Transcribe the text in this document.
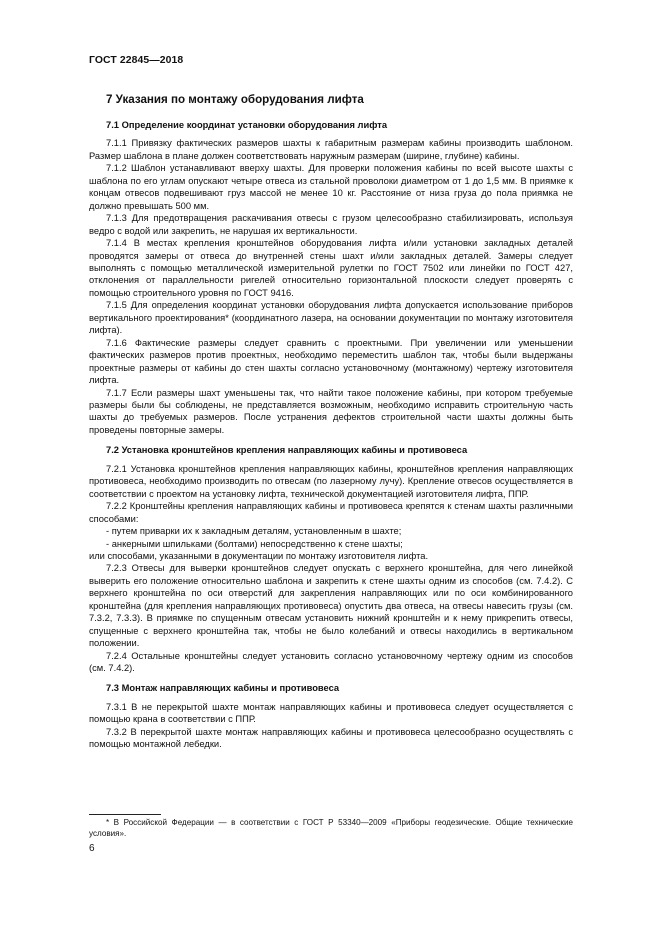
ГОСТ 22845—2018
7 Указания по монтажу оборудования лифта
7.1 Определение координат установки оборудования лифта

7.1.1 Привязку фактических размеров шахты к габаритным размерам кабины производить шаблоном. Размер шаблона в плане должен соответствовать наружным размерам (ширине, глубине) кабины.

7.1.2 Шаблон устанавливают вверху шахты. Для проверки положения кабины по всей высоте шахты с шаблона по его углам опускают четыре отвеса из стальной проволоки диаметром от 1 до 1,5 мм. В приямке к концам отвесов подвешивают груз массой не менее 10 кг. Расстояние от низа груза до пола приямка не должно превышать 500 мм.

7.1.3 Для предотвращения раскачивания отвесы с грузом целесообразно стабилизировать, используя ведро с водой или закрепить, не нарушая их вертикальности.

7.1.4 В местах крепления кронштейнов оборудования лифта и/или установки закладных деталей проводятся замеры от отвеса до внутренней стены шахт и/или закладных деталей. Замеры следует выполнять с помощью металлической измерительной рулетки по ГОСТ 7502 или линейки по ГОСТ 427, отклонения от параллельности ригелей относительно горизонтальной плоскости следует проверять с помощью строительного уровня по ГОСТ 9416.

7.1.5 Для определения координат установки оборудования лифта допускается использование приборов вертикального проектирования* (координатного лазера, на основании документации по монтажу изготовителя лифта).

7.1.6 Фактические размеры следует сравнить с проектными. При увеличении или уменьшении фактических размеров против проектных, необходимо переместить шаблон так, чтобы были выдержаны проектные размеры от кабины до стен шахты согласно установочному (монтажному) чертежу изготовителя лифта.

7.1.7 Если размеры шахт уменьшены так, что найти такое положение кабины, при котором требуемые размеры были бы соблюдены, не представляется возможным, необходимо исправить строительную часть шахты до требуемых размеров. После устранения дефектов строительной части шахты должны быть проведены повторные замеры.

7.2 Установка кронштейнов крепления направляющих кабины и противовеса

7.2.1 Установка кронштейнов крепления направляющих кабины, кронштейнов крепления направляющих противовеса, необходимо производить по отвесам (по лазерному лучу). Крепление отвесов осуществляется в соответствии с проектом на установку лифта, технической документацией изготовителя лифта, ППР.

7.2.2 Кронштейны крепления направляющих кабины и противовеса крепятся к стенам шахты различными способами:

- путем приварки их к закладным деталям, установленным в шахте;

- анкерными шпильками (болтами) непосредственно к стене шахты;

или способами, указанными в документации по монтажу изготовителя лифта.

7.2.3 Отвесы для выверки кронштейнов следует опускать с верхнего кронштейна, для чего линейкой выверить его положение относительно шаблона и закрепить к стене шахты одним из способов (см. 7.4.2). С верхнего кронштейна по оси отверстий для закрепления направляющих или по оси комбинированного кронштейна (для крепления направляющих противовеса) опустить два отвеса, на отвесы навесить грузы (см. 7.3.2, 7.3.3). В приямке по спущенным отвесам установить нижний кронштейн и к нему прикрепить отвесы, спущенные с верхнего кронштейна так, чтобы не было колебаний и отвесы находились в вертикальном положении.

7.2.4 Остальные кронштейны следует установить согласно установочному чертежу одним из способов (см. 7.4.2).

7.3 Монтаж направляющих кабины и противовеса

7.3.1 В не перекрытой шахте монтаж направляющих кабины и противовеса следует осуществляется с помощью крана в соответствии с ППР.

7.3.2 В перекрытой шахте монтаж направляющих кабины и противовеса целесообразно осуществлять с помощью монтажной лебедки.

* В Российской Федерации — в соответствии с ГОСТ Р 53340—2009 «Приборы геодезические. Общие технические условия».
6
